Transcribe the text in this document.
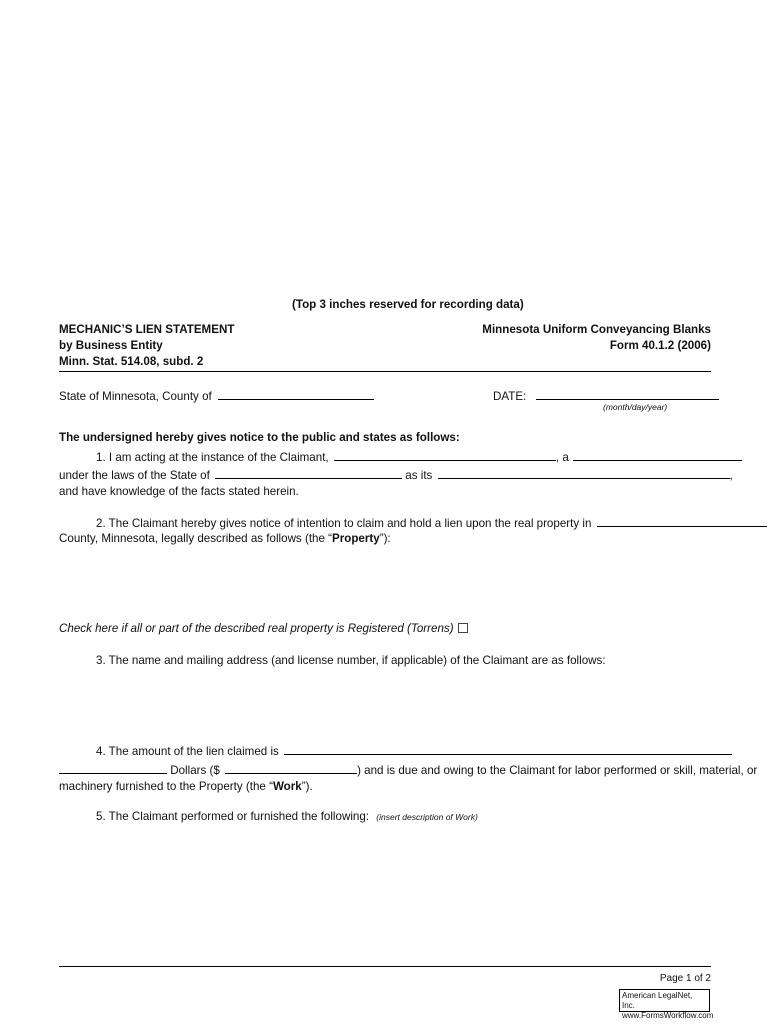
(Top 3 inches reserved for recording data)
MECHANIC’S LIEN STATEMENT
by Business Entity
Minn. Stat. 514.08, subd. 2
Minnesota Uniform Conveyancing Blanks
Form 40.1.2 (2006)
State of Minnesota, County of	DATE:
(month/day/year)
The undersigned hereby gives notice to the public and states as follows:
1. I am acting at the instance of the Claimant,	, a
under the laws of the State of	as its	,
and have knowledge of the facts stated herein.
2. The Claimant hereby gives notice of intention to claim and hold a lien upon the real property in
County, Minnesota, legally described as follows (the “Property”):
Check here if all or part of the described real property is Registered (Torrens)
3. The name and mailing address (and license number, if applicable) of the Claimant are as follows:
4. The amount of the lien claimed is
Dollars ($	) and is due and owing to the Claimant for labor performed or skill, material, or
machinery furnished to the Property (the “Work”).
5. The Claimant performed or furnished the following: (insert description of Work)
Page 1 of 2
American LegalNet, Inc.
www.FormsWorkflow.com
